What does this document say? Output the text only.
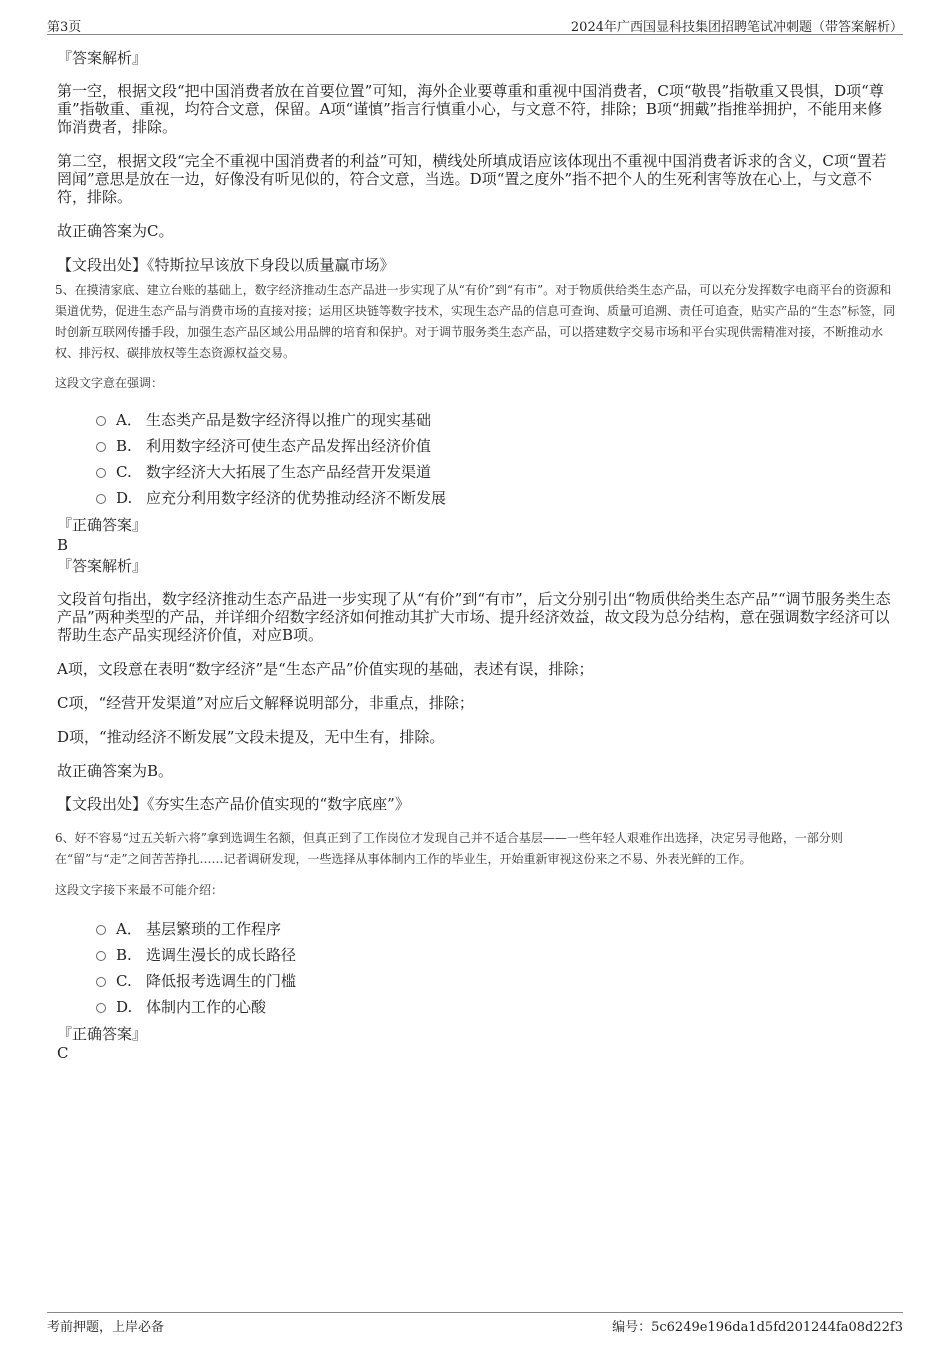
第3页	2024年广西国显科技集团招聘笔试冲刺题（带答案解析）
『答案解析』
第一空，根据文段“把中国消费者放在首要位置”可知，海外企业要尊重和重视中国消费者，C项“敬畏”指敬重又畏惧，D项“尊重”指敬重、重视，均符合文意，保留。A项“谨慎”指言行慎重小心，与文意不符，排除；B项“拥戴”指推举拥护，不能用来修饰消费者，排除。
第二空，根据文段“完全不重视中国消费者的利益”可知，横线处所填成语应该体现出不重视中国消费者诉求的含义，C项“置若罔闻”意思是放在一边，好像没有听见似的，符合文意，当选。D项“置之度外”指不把个人的生死利害等放在心上，与文意不符，排除。
故正确答案为C。
【文段出处】《特斯拉早该放下身段以质量赢市场》
5、在摸清家底、建立台账的基础上，数字经济推动生态产品进一步实现了从“有价”到“有市”。对于物质供给类生态产品，可以充分发挥数字电商平台的资源和渠道优势，促进生态产品与消费市场的直接对接；运用区块链等数字技术，实现生态产品的信息可查询、质量可追溯、责任可追查，贴实产品的“生态”标签，同时创新互联网传播手段，加强生态产品区域公用品牌的培育和保护。对于调节服务类生态产品，可以搭建数字交易市场和平台实现供需精准对接，不断推动水权、排污权、碳排放权等生态资源权益交易。
这段文字意在强调：
A． 生态类产品是数字经济得以推广的现实基础
B. 利用数字经济可使生态产品发挥出经济价值
C. 数字经济大大拓展了生态产品经营开发渠道
D. 应充分利用数字经济的优势推动经济不断发展
『正确答案』
B
『答案解析』
文段首句指出，数字经济推动生态产品进一步实现了从“有价”到“有市”，后文分别引出“物质供给类生态产品”“调节服务类生态产品”两种类型的产品，并详细介绍数字经济如何推动其扩大市场、提升经济效益，故文段为总分结构，意在强调数字经济可以帮助生态产品实现经济价值，对应B项。
A项，文段意在表明“数字经济”是“生态产品”价值实现的基础，表述有误，排除；
C项，“经营开发渠道”对应后文解释说明部分，非重点，排除；
D项，“推动经济不断发展”文段未提及，无中生有，排除。
故正确答案为B。
【文段出处】《夯实生态产品价值实现的“数字底座”》
6、好不容易“过五关斩六将”拿到选调生名额，但真正到了工作岗位才发现自己并不适合基层——一些年轻人艰难作出选择，决定另寻他路，一部分则在“留”与“走”之间苦苦挣扎……记者调研发现，一些选择从事体制内工作的毕业生，开始重新审视这份来之不易、外表光鲜的工作。
这段文字接下来最不可能介绍：
A． 基层繁琐的工作程序
B. 选调生漫长的成长路径
C. 降低报考选调生的门槛
D. 体制内工作的心酸
『正确答案』
C
考前押题，上岸必备	编号：5c6249e196da1d5fd201244fa08d22f3
